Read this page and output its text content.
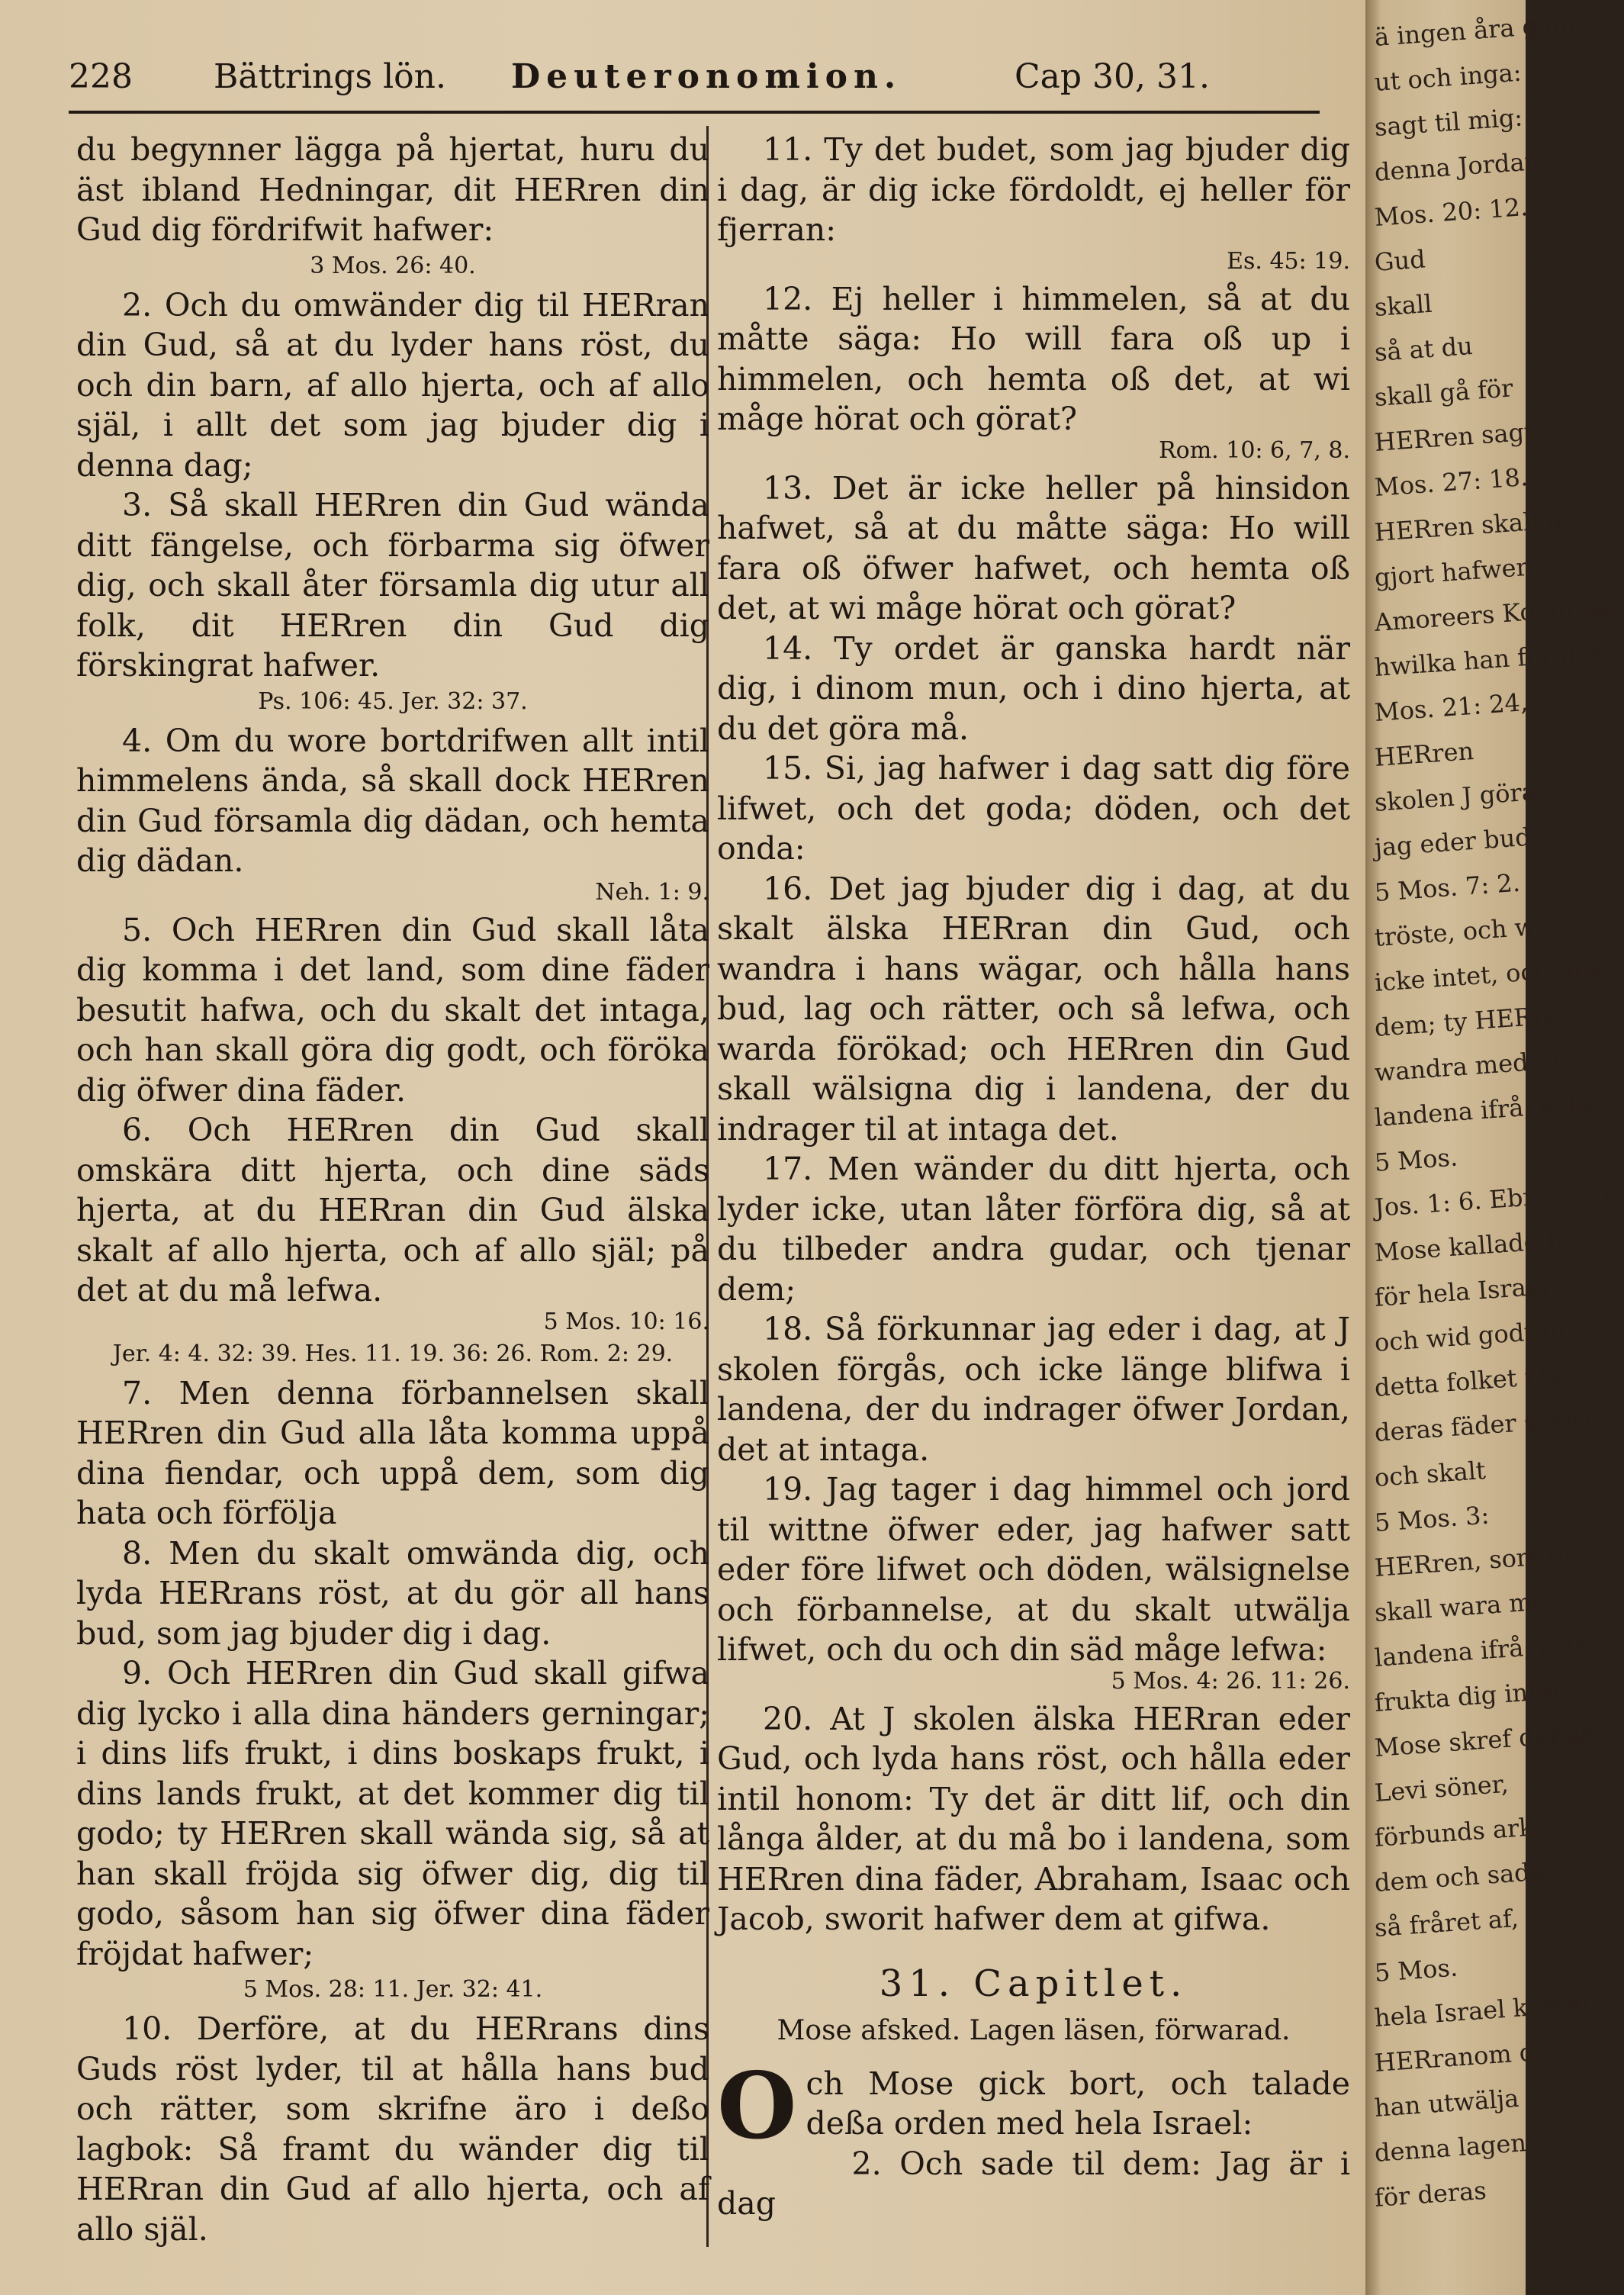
228 Bättrings lön. Deuteronomion.	Cap 30, 31.

du begynner lägga på hjertat, huru du äst ibland Hedningar, dit HERren din Gud dig fördrifwit hafwer:

3 Mos. 26: 40.

2. Och du omwänder dig til HERran din Gud, så at du lyder hans röst, du och din barn, af allo hjerta, och af allo själ, i allt det som jag bjuder dig i denna dag;

3. Så skall HERren din Gud wända ditt fängelse, och förbarma sig öfwer dig, och skall åter församla dig utur all folk, dit HERren din Gud dig förskingrat hafwer.

Ps. 106: 45. Jer. 32: 37.

4. Om du wore bortdrifwen allt intil himmelens ända, så skall dock HERren din Gud församla dig dädan, och hemta dig dädan.

Neh. 1: 9.

5. Och HERren din Gud skall låta dig komma i det land, som dine fäder besutit hafwa, och du skalt det intaga, och han skall göra dig godt, och föröka dig öfwer dina fäder.

6. Och HERren din Gud skall omskära ditt hjerta, och dine säds hjerta, at du HERran din Gud älska skalt af allo hjerta, och af allo själ; på det at du må lefwa.

5 Mos. 10: 16.
Jer. 4: 4. 32: 39. Hes. 11. 19. 36: 26. Rom. 2: 29.

7. Men denna förbannelsen skall HERren din Gud alla låta komma uppå dina fiendar, och uppå dem, som dig hata och förfölja

8. Men du skalt omwända dig, och lyda HERrans röst, at du gör all hans bud, som jag bjuder dig i dag.

9. Och HERren din Gud skall gifwa dig lycko i alla dina händers gerningar; i dins lifs frukt, i dins boskaps frukt, i dins lands frukt, at det kommer dig til godo; ty HERren skall wända sig, så at han skall fröjda sig öfwer dig, dig til godo, såsom han sig öfwer dina fäder fröjdat hafwer;

5 Mos. 28: 11. Jer. 32: 41.

10. Derföre, at du HERrans dins Guds röst lyder, til at hålla hans bud och rätter, som skrifne äro i deßo lagbok: Så framt du wänder dig til HERran din Gud af allo hjerta, och af allo själ.

11. Ty det budet, som jag bjuder dig i dag, är dig icke fördoldt, ej heller för fjerran:

Es. 45: 19.

12. Ej heller i himmelen, så at du måtte säga: Ho will fara oß up i himmelen, och hemta oß det, at wi måge hörat och görat?

Rom. 10: 6, 7, 8.

13. Det är icke heller på hinsidon hafwet, så at du måtte säga: Ho will fara oß öfwer hafwet, och hemta oß det, at wi måge hörat och görat?

14. Ty ordet är ganska hardt när dig, i dinom mun, och i dino hjerta, at du det göra må.

15. Si, jag hafwer i dag satt dig före lifwet, och det goda; döden, och det onda:

16. Det jag bjuder dig i dag, at du skalt älska HERran din Gud, och wandra i hans wägar, och hålla hans bud, lag och rätter, och så lefwa, och warda förökad; och HERren din Gud skall wälsigna dig i landena, der du indrager til at intaga det.

17. Men wänder du ditt hjerta, och lyder icke, utan låter förföra dig, så at du tilbeder andra gudar, och tjenar dem;

18. Så förkunnar jag eder i dag, at J skolen förgås, och icke länge blifwa i landena, der du indrager öfwer Jordan, det at intaga.

19. Jag tager i dag himmel och jord til wittne öfwer eder, jag hafwer satt eder före lifwet och döden, wälsignelse och förbannelse, at du skalt utwälja lifwet, och du och din säd måge lefwa:

5 Mos. 4: 26. 11: 26.

20. At J skolen älska HERran eder Gud, och lyda hans röst, och hålla eder intil honom: Ty det är ditt lif, och din långa ålder, at du må bo i landena, som HERren dina fäder, Abraham, Isaac och Jacob, sworit hafwer dem at gifwa.

31. Capitlet.
Mose afsked. Lagen läsen, förwarad.

Och Mose gick bort, och talade deßa orden med hela Israel:

2. Och sade til dem: Jag är i dag

ä ingen åra gam
ut och inga:
sagt til mig:
denna Jordan.
Mos. 20: 12.
Gud
skall
så at du
skall gå för
HERren sagt
Mos. 27: 18.
HERren skall g
gjort hafwer
Amoreers Konungar
hwilka han förgjor
Mos. 21: 24, 35.
HERren
skolen J göra
jag eder bud
5 Mos. 7: 2.
tröste, och wid
icke intet, och gru
dem; ty HERren
wandra med dig
landena ifrå, ej he
5 Mos.
Jos. 1: 6. Ebr. 13: 5.
Mose kallade Josu
för hela Israel
och wid godt m
detta folket i la
deras fäder swori
och skalt
5 Mos. 3:
HERren, som fö
skall wara me
landena ifrå, icke
frukta dig intet,
Mose skref denna
Levi söner,
förbunds ark,
dem och sade
så fråret af,
5 Mos.
hela Israel komm
HERranom din
han utwälja
denna lagen
för deras
